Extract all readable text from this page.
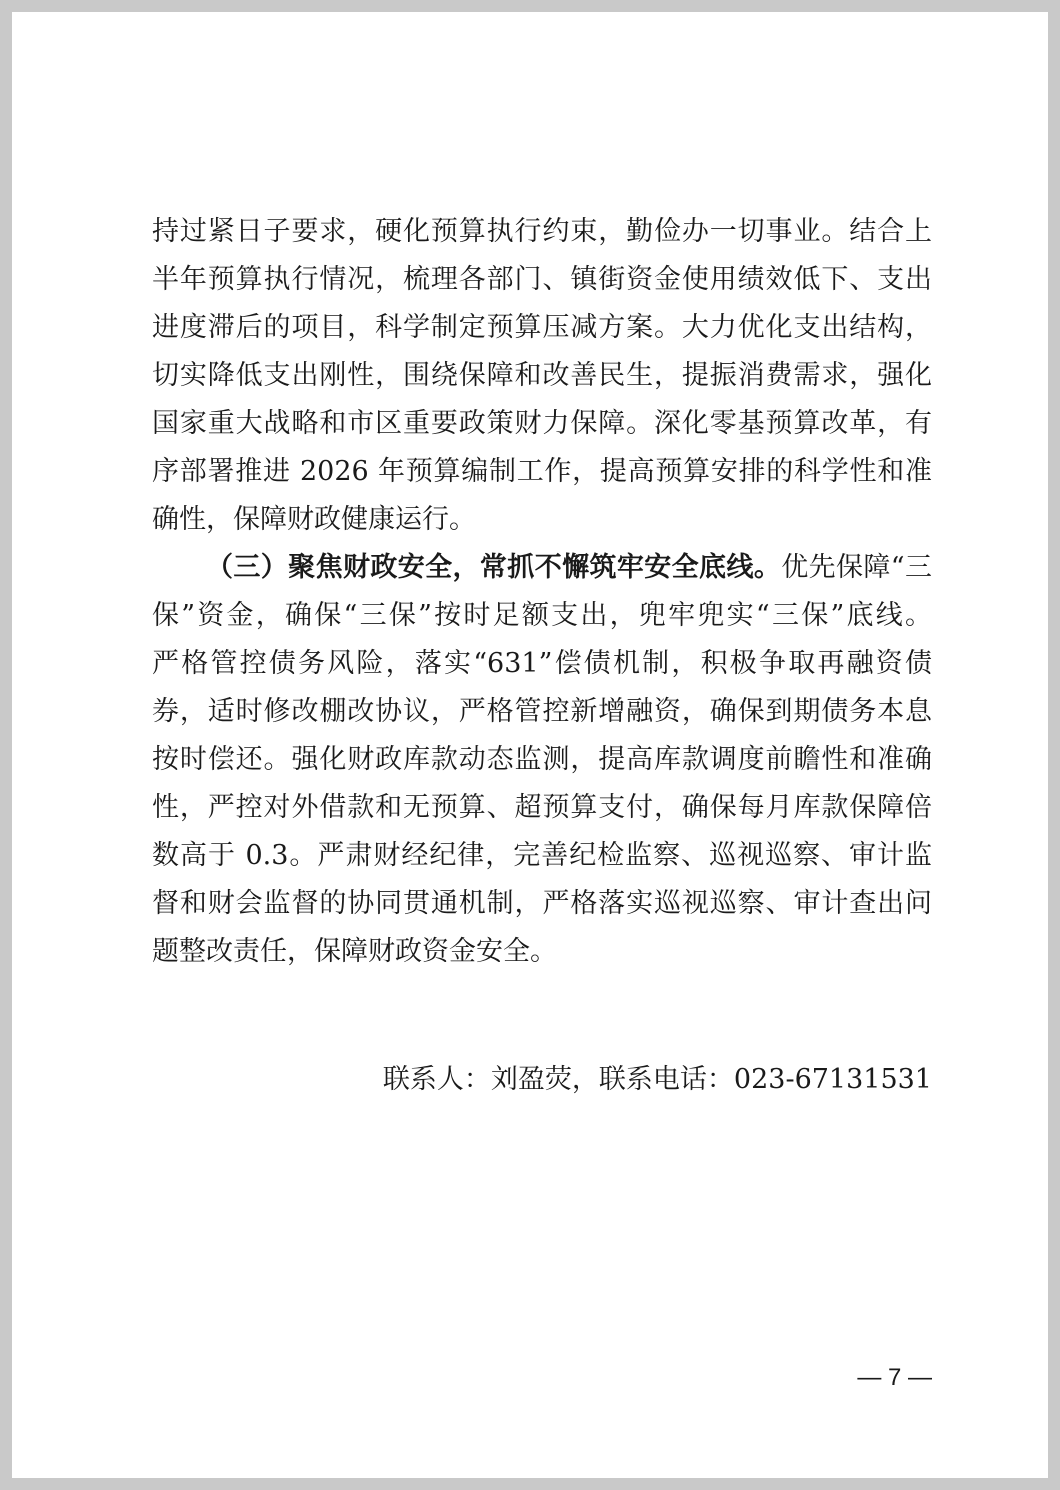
持过紧日子要求，硬化预算执行约束，勤俭办一切事业。结合上
半年预算执行情况，梳理各部门、镇街资金使用绩效低下、支出
进度滞后的项目，科学制定预算压减方案。大力优化支出结构，
切实降低支出刚性，围绕保障和改善民生，提振消费需求，强化
国家重大战略和市区重要政策财力保障。深化零基预算改革，有
序部署推进 2026 年预算编制工作，提高预算安排的科学性和准
确性，保障财政健康运行。
（三）聚焦财政安全，常抓不懈筑牢安全底线。优先保障“三
保”资金，确保“三保”按时足额支出，兜牢兜实“三保”底线。
严格管控债务风险，落实“631”偿债机制，积极争取再融资债
券，适时修改棚改协议，严格管控新增融资，确保到期债务本息
按时偿还。强化财政库款动态监测，提高库款调度前瞻性和准确
性，严控对外借款和无预算、超预算支付，确保每月库款保障倍
数高于 0.3。严肃财经纪律，完善纪检监察、巡视巡察、审计监
督和财会监督的协同贯通机制，严格落实巡视巡察、审计查出问
题整改责任，保障财政资金安全。
联系人：刘盈荧，联系电话：023-67131531
— 7 —
